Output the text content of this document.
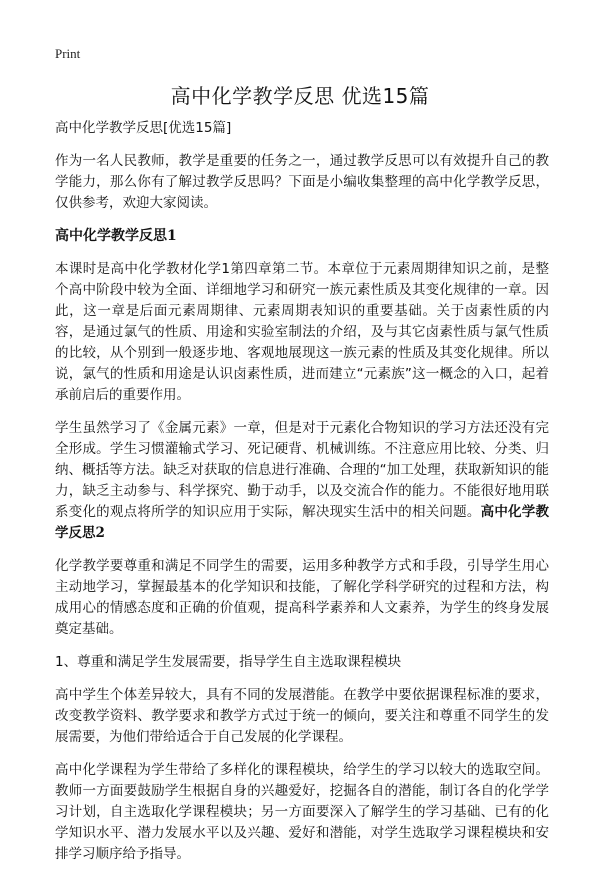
Print
高中化学教学反思 优选15篇

高中化学教学反思[优选15篇]

作为一名人民教师，教学是重要的任务之一，通过教学反思可以有效提升自己的教学能力，那么你有了解过教学反思吗？下面是小编收集整理的高中化学教学反思，仅供参考，欢迎大家阅读。

高中化学教学反思1

本课时是高中化学教材化学1第四章第二节。本章位于元素周期律知识之前，是整个高中阶段中较为全面、详细地学习和研究一族元素性质及其变化规律的一章。因此，这一章是后面元素周期律、元素周期表知识的重要基础。关于卤素性质的内容，是通过氯气的性质、用途和实验室制法的介绍，及与其它卤素性质与氯气性质的比较，从个别到一般逐步地、客观地展现这一族元素的性质及其变化规律。所以说，氯气的性质和用途是认识卤素性质，进而建立“元素族”这一概念的入口，起着承前启后的重要作用。

学生虽然学习了《金属元素》一章，但是对于元素化合物知识的学习方法还没有完全形成。学生习惯灌输式学习、死记硬背、机械训练。不注意应用比较、分类、归纳、概括等方法。缺乏对获取的信息进行准确、合理的“加工处理，获取新知识的能力，缺乏主动参与、科学探究、勤于动手，以及交流合作的能力。不能很好地用联系变化的观点将所学的知识应用于实际，解决现实生活中的相关问题。高中化学教学反思2

化学教学要尊重和满足不同学生的需要，运用多种教学方式和手段，引导学生用心主动地学习，掌握最基本的化学知识和技能，了解化学科学研究的过程和方法，构成用心的情感态度和正确的价值观，提高科学素养和人文素养，为学生的终身发展奠定基础。

1、尊重和满足学生发展需要，指导学生自主选取课程模块

高中学生个体差异较大，具有不同的发展潜能。在教学中要依据课程标准的要求，改变教学资料、教学要求和教学方式过于统一的倾向，要关注和尊重不同学生的发展需要，为他们带给适合于自己发展的化学课程。

高中化学课程为学生带给了多样化的课程模块，给学生的学习以较大的选取空间。教师一方面要鼓励学生根据自身的兴趣爱好，挖掘各自的潜能，制订各自的化学学习计划，自主选取化学课程模块；另一方面要深入了解学生的学习基础、已有的化学知识水平、潜力发展水平以及兴趣、爱好和潜能，对学生选取学习课程模块和安排学习顺序给予指导。
